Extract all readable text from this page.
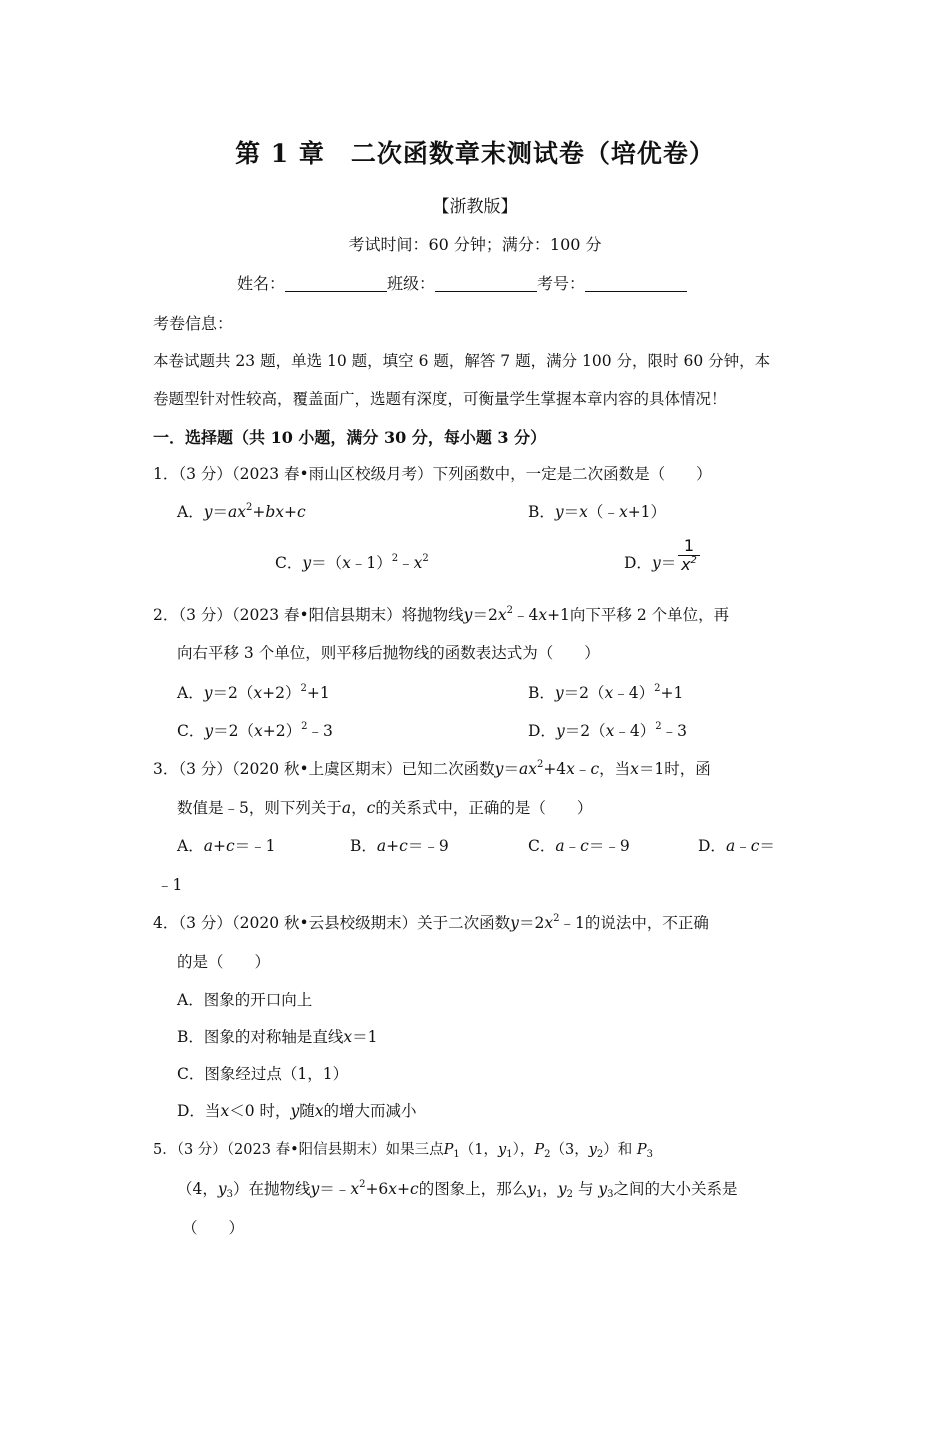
第 1 章　二次函数章末测试卷（培优卷）
【浙教版】
考试时间：60 分钟；满分：100 分
姓名：	班级：	考号：
考卷信息：
本卷试题共 23 题，单选 10 题，填空 6 题，解答 7 题，满分 100 分，限时 60 分钟，本
卷题型针对性较高，覆盖面广，选题有深度，可衡量学生掌握本章内容的具体情况！
一．选择题（共 10 小题，满分 30 分，每小题 3 分）
1．（3 分）（2023 春•雨山区校级月考）下列函数中，一定是二次函数是（　　）
A．$y=ax^2+bx+c$	B．y＝x（﹣x+1）
C．$y=(x﹣1)^2﹣x^2$	D．y＝
1
$x^2$
2．（3 分）（2023 春•阳信县期末）将抛物线$y=2x^2﹣4x+1$向下平移 2 个单位，再
向右平移 3 个单位，则平移后抛物线的函数表达式为（　　）
A．$y=2(x+2)^2+1$	B．y＝2（x﹣4）$^2$+1
C．$y=2(x+2)^2﹣3$	D．y＝2（x﹣4）$^2$﹣3
3．（3 分）（2020 秋•上虞区期末）已知二次函数$y=ax^2+4x﹣c$，当x＝1时，函
数值是﹣5，则下列关于a，c的关系式中，正确的是（　　）
A．a+c＝﹣1	B．a+c＝﹣9	C．a﹣c＝﹣9	D．a﹣c＝
﹣1
4．（3 分）（2020 秋•云县校级期末）关于二次函数$y=2x^2﹣1$的说法中，不正确
的是（　　）
A．图象的开口向上
B．图象的对称轴是直线x＝1
C．图象经过点（1，1）
D．当x＜0 时，y随x的增大而减小
5．（3 分）（2023 春•阳信县期末）如果三点$P_1(1$，$y_1$），$P_2(3$，$y_2$）和 $P_3$
（4，$y_3$）在抛物线$y=﹣x^2+6x+c$的图象上，那么$y_1$，$y_2$ 与 $y_3$之间的大小关系是
（　　）
